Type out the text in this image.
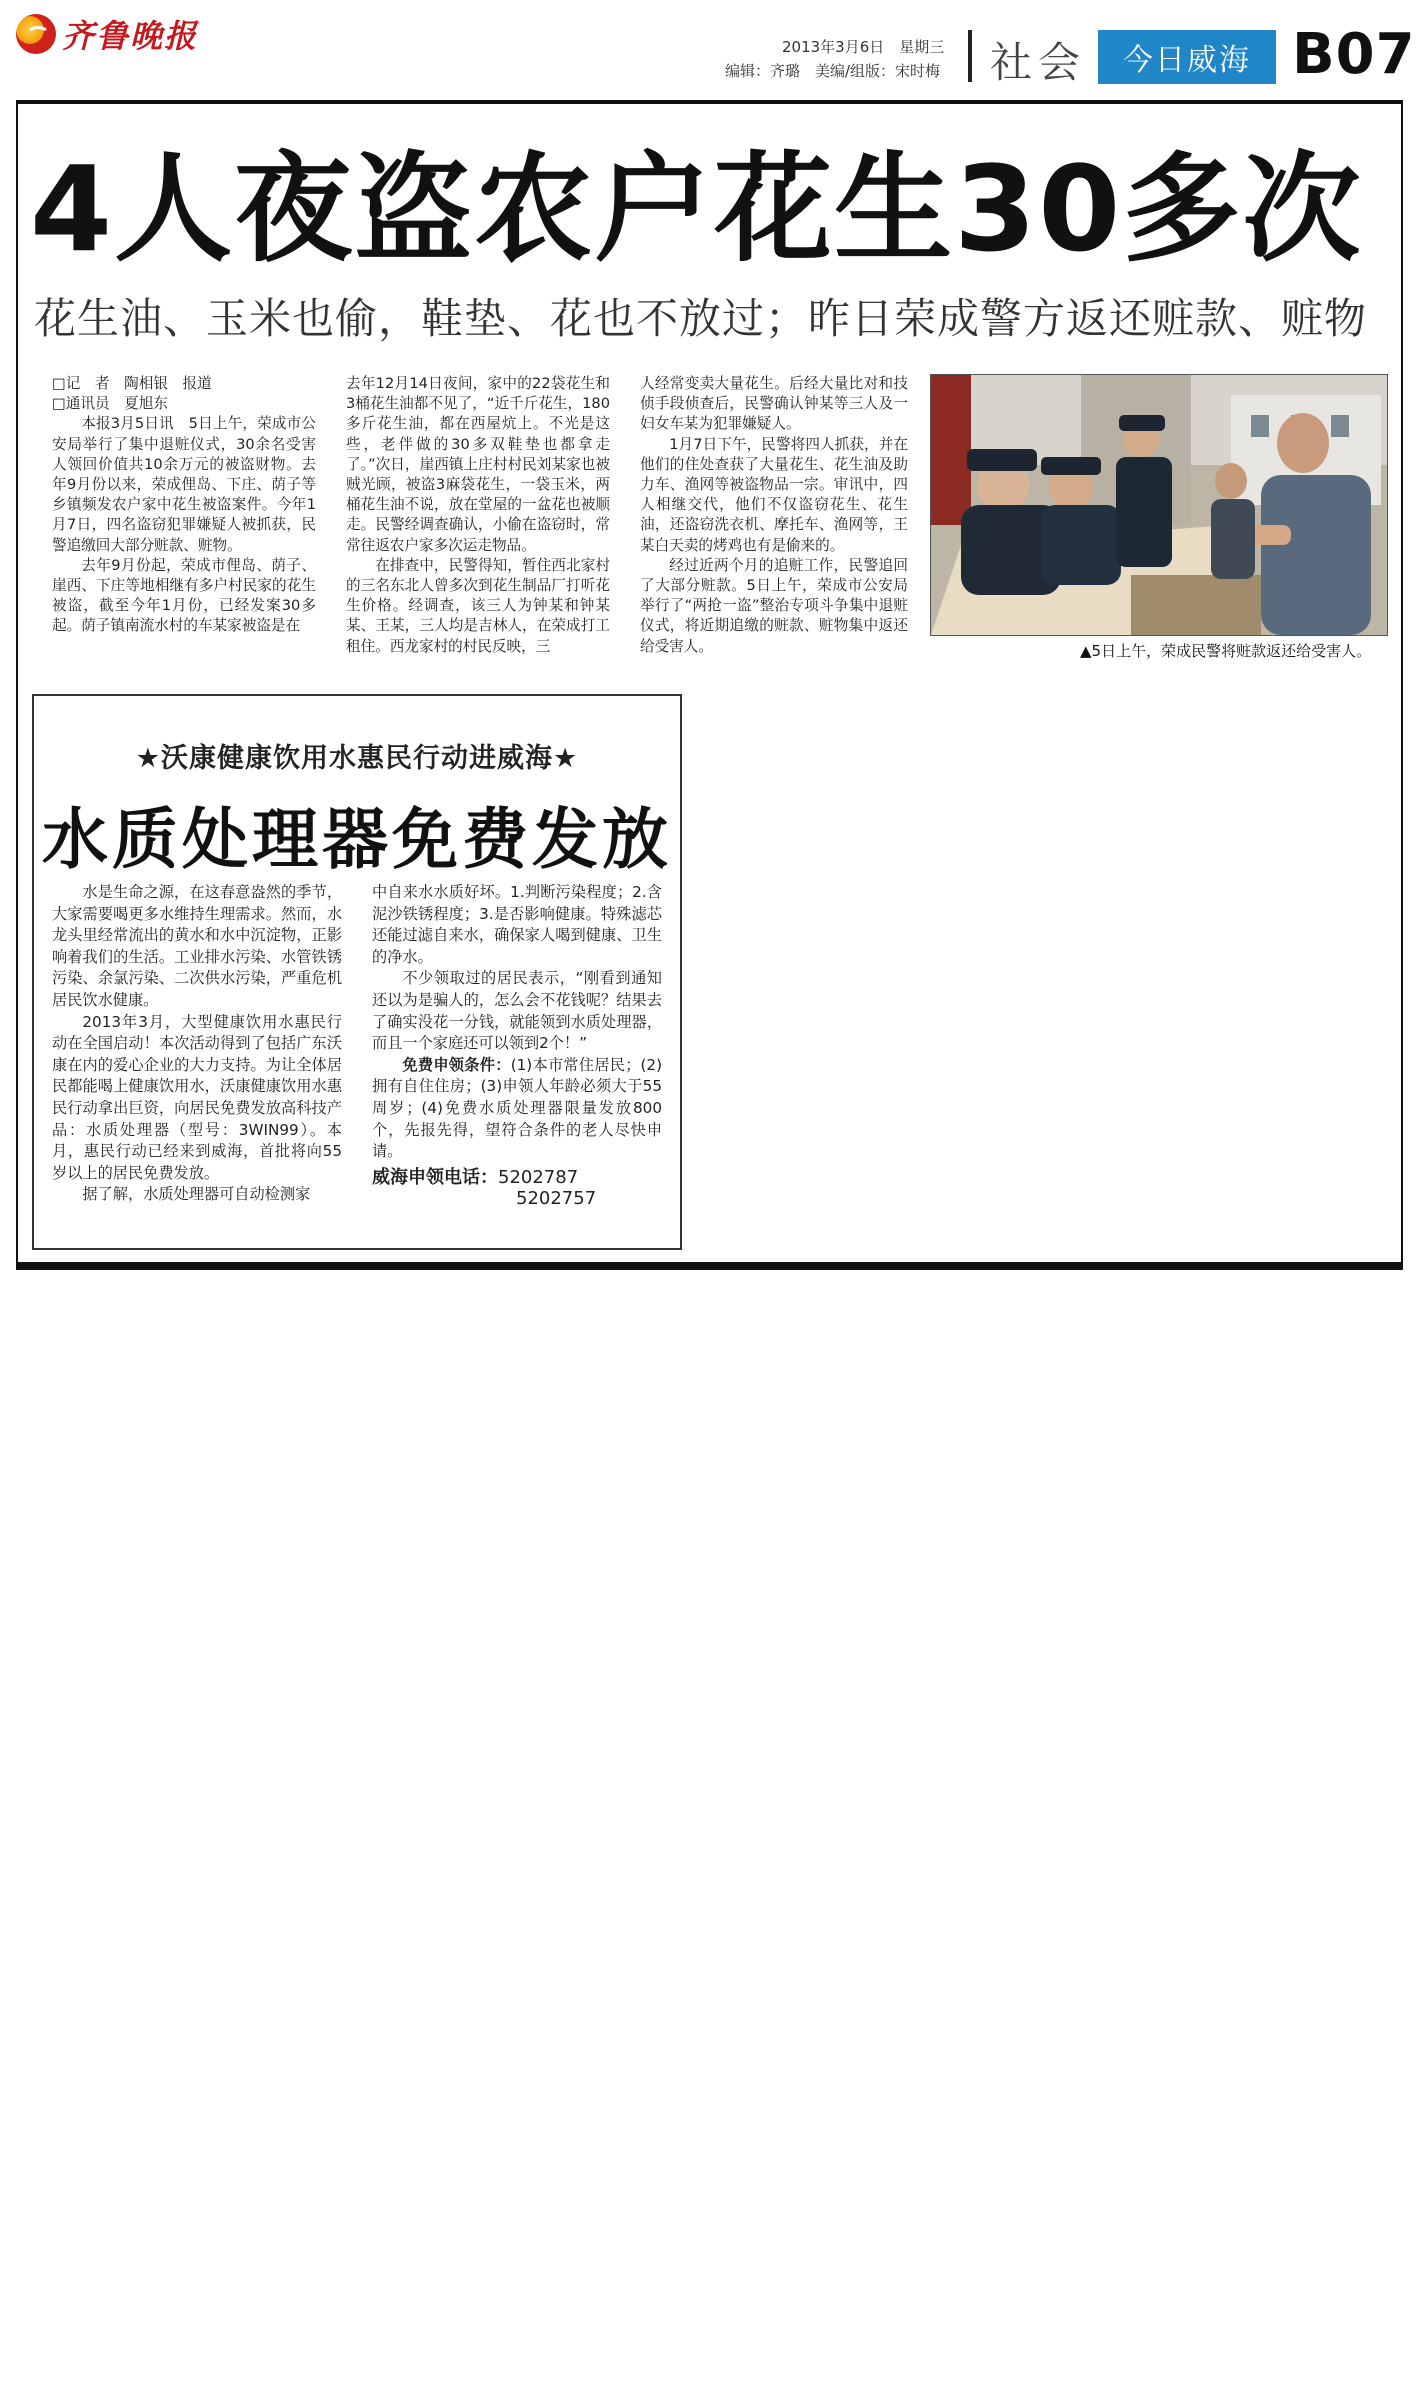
齐鲁晚报	2013年3月6日　星期三
编辑：齐璐　美编/组版：宋时梅 社会	今日威海 B07
4人夜盗农户花生30多次
花生油、玉米也偷，鞋垫、花也不放过；昨日荣成警方返还赃款、赃物

□记　者　陶相银　报道

□通讯员　夏旭东

本报3月5日讯　5日上午，荣成市公安局举行了集中退赃仪式，30余名受害人领回价值共10余万元的被盗财物。去年9月份以来，荣成俚岛、下庄、荫子等乡镇频发农户家中花生被盗案件。今年1月7日，四名盗窃犯罪嫌疑人被抓获，民警追缴回大部分赃款、赃物。

去年9月份起，荣成市俚岛、荫子、崖西、下庄等地相继有多户村民家的花生被盗，截至今年1月份，已经发案30多起。荫子镇南流水村的车某家被盗是在

去年12月14日夜间，家中的22袋花生和3桶花生油都不见了，“近千斤花生，180多斤花生油，都在西屋炕上。不光是这些，老伴做的30多双鞋垫也都拿走了。”次日，崖西镇上庄村村民刘某家也被贼光顾，被盗3麻袋花生，一袋玉米，两桶花生油不说，放在堂屋的一盆花也被顺走。民警经调查确认，小偷在盗窃时，常常往返农户家多次运走物品。

在排查中，民警得知，暂住西北家村的三名东北人曾多次到花生制品厂打听花生价格。经调查，该三人为钟某和钟某某、王某，三人均是吉林人，在荣成打工租住。西龙家村的村民反映，三

人经常变卖大量花生。后经大量比对和技侦手段侦查后，民警确认钟某等三人及一妇女车某为犯罪嫌疑人。

1月7日下午，民警将四人抓获，并在他们的住处查获了大量花生、花生油及助力车、渔网等被盗物品一宗。审讯中，四人相继交代，他们不仅盗窃花生、花生油，还盗窃洗衣机、摩托车、渔网等，王某白天卖的烤鸡也有是偷来的。

经过近两个月的追赃工作，民警追回了大部分赃款。5日上午，荣成市公安局举行了“两抢一盗”整治专项斗争集中退赃仪式，将近期追缴的赃款、赃物集中返还给受害人。	▲5日上午，荣成民警将赃款返还给受害人。
★沃康健康饮用水惠民行动进威海★
水质处理器免费发放

水是生命之源，在这春意盎然的季节，大家需要喝更多水维持生理需求。然而，水龙头里经常流出的黄水和水中沉淀物，正影响着我们的生活。工业排水污染、水管铁锈污染、余氯污染、二次供水污染，严重危机居民饮水健康。

2013年3月，大型健康饮用水惠民行动在全国启动！本次活动得到了包括广东沃康在内的爱心企业的大力支持。为让全体居民都能喝上健康饮用水，沃康健康饮用水惠民行动拿出巨资，向居民免费发放高科技产品：水质处理器（型号：3WIN99）。本月，惠民行动已经来到威海，首批将向55岁以上的居民免费发放。

据了解，水质处理器可自动检测家

中自来水水质好坏。1.判断污染程度；2.含泥沙铁锈程度；3.是否影响健康。特殊滤芯还能过滤自来水，确保家人喝到健康、卫生的净水。

不少领取过的居民表示，“刚看到通知还以为是骗人的，怎么会不花钱呢？结果去了确实没花一分钱，就能领到水质处理器，而且一个家庭还可以领到2个！”

免费申领条件：(1)本市常住居民；(2)拥有自住住房；(3)申领人年龄必须大于55周岁；(4)免费水质处理器限量发放800个，先报先得，望符合条件的老人尽快申请。

威海申领电话：5202787
5202757
